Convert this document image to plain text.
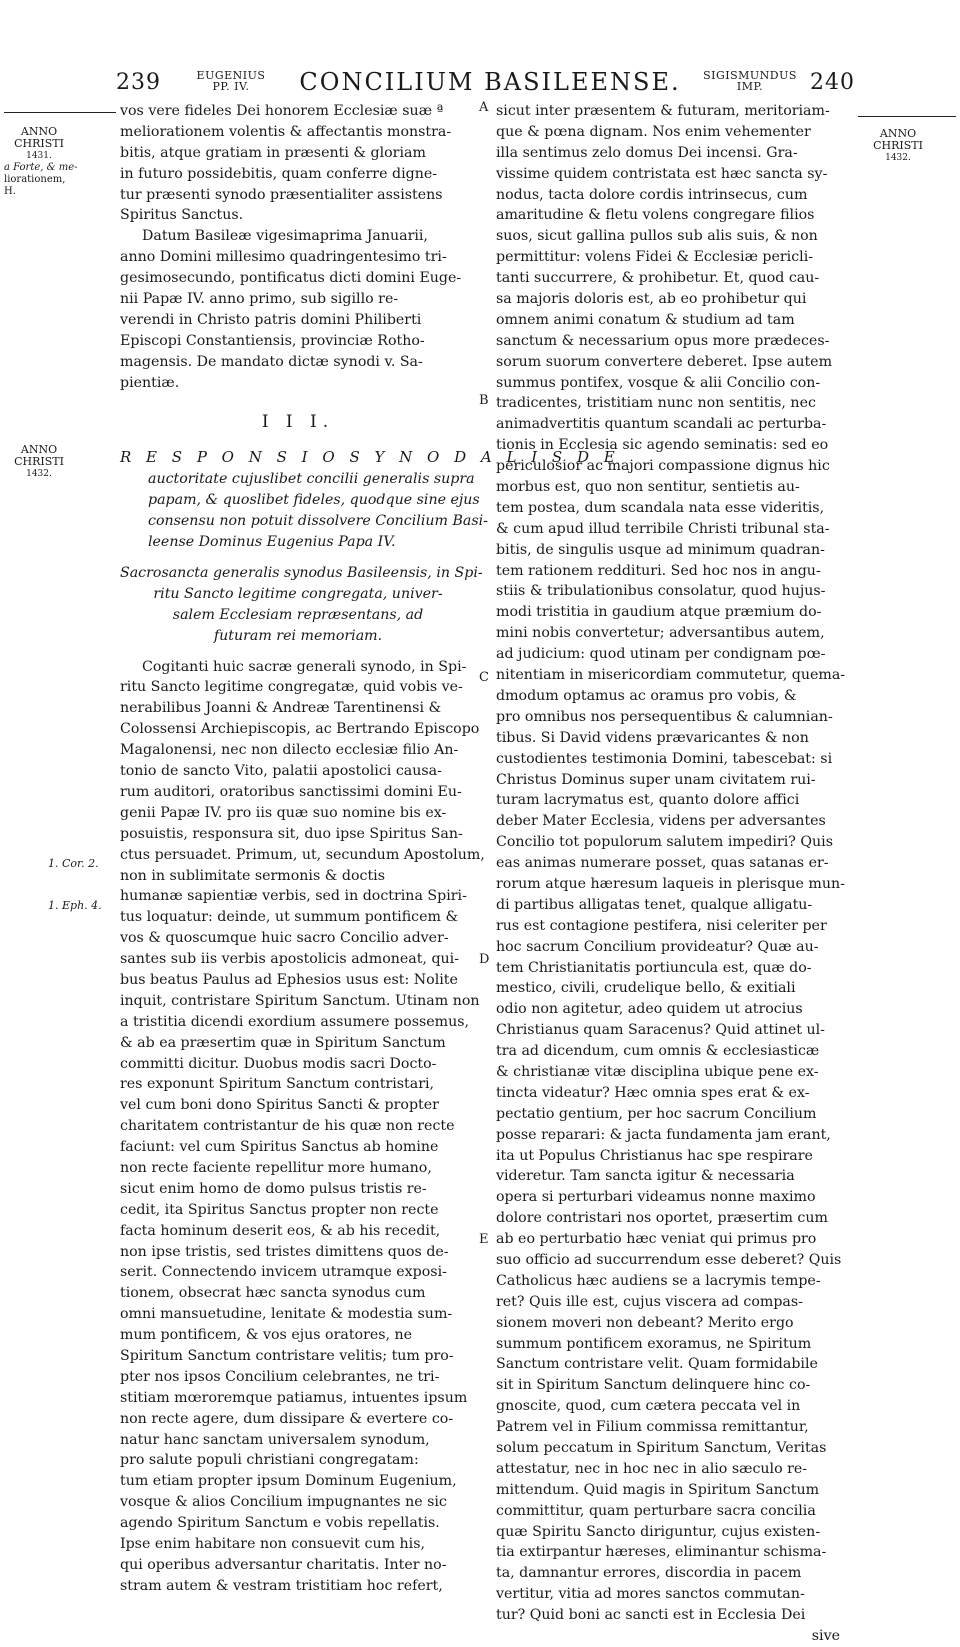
239	EUGENIUS PP. IV.	CONCILIUM BASILEENSE.	SIGISMUNDUS IMP.	240
ANNO
CHRISTI
1431.
a Forte, & me-
liorationem,
H.
ANNO
CHRISTI
1432.
1. Cor. 2.
1. Eph. 4.
ANNO
CHRISTI
1432.
A
B
C
D
E
vos vere fideles Dei honorem Ecclesiæ suæ ª
meliorationem volentis & affectantis monstra-
bitis, atque gratiam in præsenti & gloriam
in futuro possidebitis, quam conferre digne-
tur præsenti synodo præsentialiter assistens
Spiritus Sanctus.
Datum Basileæ vigesimaprima Januarii,
anno Domini millesimo quadringentesimo tri-
gesimosecundo, pontificatus dicti domini Euge-
nii Papæ IV. anno primo, sub sigillo re-
verendi in Christo patris domini Philiberti
Episcopi Constantiensis, provinciæ Rotho-
magensis. De mandato dictæ synodi v. Sa-
pientiæ.
I I I.
R E S P O N S I O S Y N O D A L I S D E
auctoritate cujuslibet concilii generalis supra
papam, & quoslibet fideles, quodque sine ejus
consensu non potuit dissolvere Concilium Basi-
leense Dominus Eugenius Papa IV.
Sacrosancta generalis synodus Basileensis, in Spi-
ritu Sancto legitime congregata, univer-
salem Ecclesiam repræsentans, ad
futuram rei memoriam.
Cogitanti huic sacræ generali synodo, in Spi-
ritu Sancto legitime congregatæ, quid vobis ve-
nerabilibus Joanni & Andreæ Tarentinensi &
Colossensi Archiepiscopis, ac Bertrando Episcopo
Magalonensi, nec non dilecto ecclesiæ filio An-
tonio de sancto Vito, palatii apostolici causa-
rum auditori, oratoribus sanctissimi domini Eu-
genii Papæ IV. pro iis quæ suo nomine bis ex-
posuistis, responsura sit, duo ipse Spiritus San-
ctus persuadet. Primum, ut, secundum Apostolum,
non in sublimitate sermonis & doctis
humanæ sapientiæ verbis, sed in doctrina Spiri-
tus loquatur: deinde, ut summum pontificem &
vos & quoscumque huic sacro Concilio adver-
santes sub iis verbis apostolicis admoneat, qui-
bus beatus Paulus ad Ephesios usus est: Nolite
inquit, contristare Spiritum Sanctum. Utinam non
a tristitia dicendi exordium assumere possemus,
& ab ea præsertim quæ in Spiritum Sanctum
committi dicitur. Duobus modis sacri Docto-
res exponunt Spiritum Sanctum contristari,
vel cum boni dono Spiritus Sancti & propter
charitatem contristantur de his quæ non recte
faciunt: vel cum Spiritus Sanctus ab homine
non recte faciente repellitur more humano,
sicut enim homo de domo pulsus tristis re-
cedit, ita Spiritus Sanctus propter non recte
facta hominum deserit eos, & ab his recedit,
non ipse tristis, sed tristes dimittens quos de-
serit. Connectendo invicem utramque exposi-
tionem, obsecrat hæc sancta synodus cum
omni mansuetudine, lenitate & modestia sum-
mum pontificem, & vos ejus oratores, ne
Spiritum Sanctum contristare velitis; tum pro-
pter nos ipsos Concilium celebrantes, ne tri-
stitiam mœroremque patiamus, intuentes ipsum
non recte agere, dum dissipare & evertere co-
natur hanc sanctam universalem synodum,
pro salute populi christiani congregatam:
tum etiam propter ipsum Dominum Eugenium,
vosque & alios Concilium impugnantes ne sic
agendo Spiritum Sanctum e vobis repellatis.
Ipse enim habitare non consuevit cum his,
qui operibus adversantur charitatis. Inter no-
stram autem & vestram tristitiam hoc refert,
sicut inter præsentem & futuram, meritoriam-
que & pœna dignam. Nos enim vehementer
illa sentimus zelo domus Dei incensi. Gra-
vissime quidem contristata est hæc sancta sy-
nodus, tacta dolore cordis intrinsecus, cum
amaritudine & fletu volens congregare filios
suos, sicut gallina pullos sub alis suis, & non
permittitur: volens Fidei & Ecclesiæ pericli-
tanti succurrere, & prohibetur. Et, quod cau-
sa majoris doloris est, ab eo prohibetur qui
omnem animi conatum & studium ad tam
sanctum & necessarium opus more prædeces-
sorum suorum convertere deberet. Ipse autem
summus pontifex, vosque & alii Concilio con-
tradicentes, tristitiam nunc non sentitis, nec
animadvertitis quantum scandali ac perturba-
tionis in Ecclesia sic agendo seminatis: sed eo
periculosior ac majori compassione dignus hic
morbus est, quo non sentitur, sentietis au-
tem postea, dum scandala nata esse videritis,
& cum apud illud terribile Christi tribunal sta-
bitis, de singulis usque ad minimum quadran-
tem rationem reddituri. Sed hoc nos in angu-
stiis & tribulationibus consolatur, quod hujus-
modi tristitia in gaudium atque præmium do-
mini nobis convertetur; adversantibus autem,
ad judicium: quod utinam per condignam pœ-
nitentiam in misericordiam commutetur, quema-
dmodum optamus ac oramus pro vobis, &
pro omnibus nos persequentibus & calumnian-
tibus. Si David videns prævaricantes & non
custodientes testimonia Domini, tabescebat: si
Christus Dominus super unam civitatem rui-
turam lacrymatus est, quanto dolore affici
deber Mater Ecclesia, videns per adversantes
Concilio tot populorum salutem impediri? Quis
eas animas numerare posset, quas satanas er-
rorum atque hæresum laqueis in plerisque mun-
di partibus alligatas tenet, qualque alligatu-
rus est contagione pestifera, nisi celeriter per
hoc sacrum Concilium provideatur? Quæ au-
tem Christianitatis portiuncula est, quæ do-
mestico, civili, crudelique bello, & exitiali
odio non agitetur, adeo quidem ut atrocius
Christianus quam Saracenus? Quid attinet ul-
tra ad dicendum, cum omnis & ecclesiasticæ
& christianæ vitæ disciplina ubique pene ex-
tincta videatur? Hæc omnia spes erat & ex-
pectatio gentium, per hoc sacrum Concilium
posse reparari: & jacta fundamenta jam erant,
ita ut Populus Christianus hac spe respirare
videretur. Tam sancta igitur & necessaria
opera si perturbari videamus nonne maximo
dolore contristari nos oportet, præsertim cum
ab eo perturbatio hæc veniat qui primus pro
suo officio ad succurrendum esse deberet? Quis
Catholicus hæc audiens se a lacrymis tempe-
ret? Quis ille est, cujus viscera ad compas-
sionem moveri non debeant? Merito ergo
summum pontificem exoramus, ne Spiritum
Sanctum contristare velit. Quam formidabile
sit in Spiritum Sanctum delinquere hinc co-
gnoscite, quod, cum cætera peccata vel in
Patrem vel in Filium commissa remittantur,
solum peccatum in Spiritum Sanctum, Veritas
attestatur, nec in hoc nec in alio sæculo re-
mittendum. Quid magis in Spiritum Sanctum
committitur, quam perturbare sacra concilia
quæ Spiritu Sancto diriguntur, cujus existen-
tia extirpantur hæreses, eliminantur schisma-
ta, damnantur errores, discordia in pacem
vertitur, vitia ad mores sanctos commutan-
tur? Quid boni ac sancti est in Ecclesia Dei
sive
